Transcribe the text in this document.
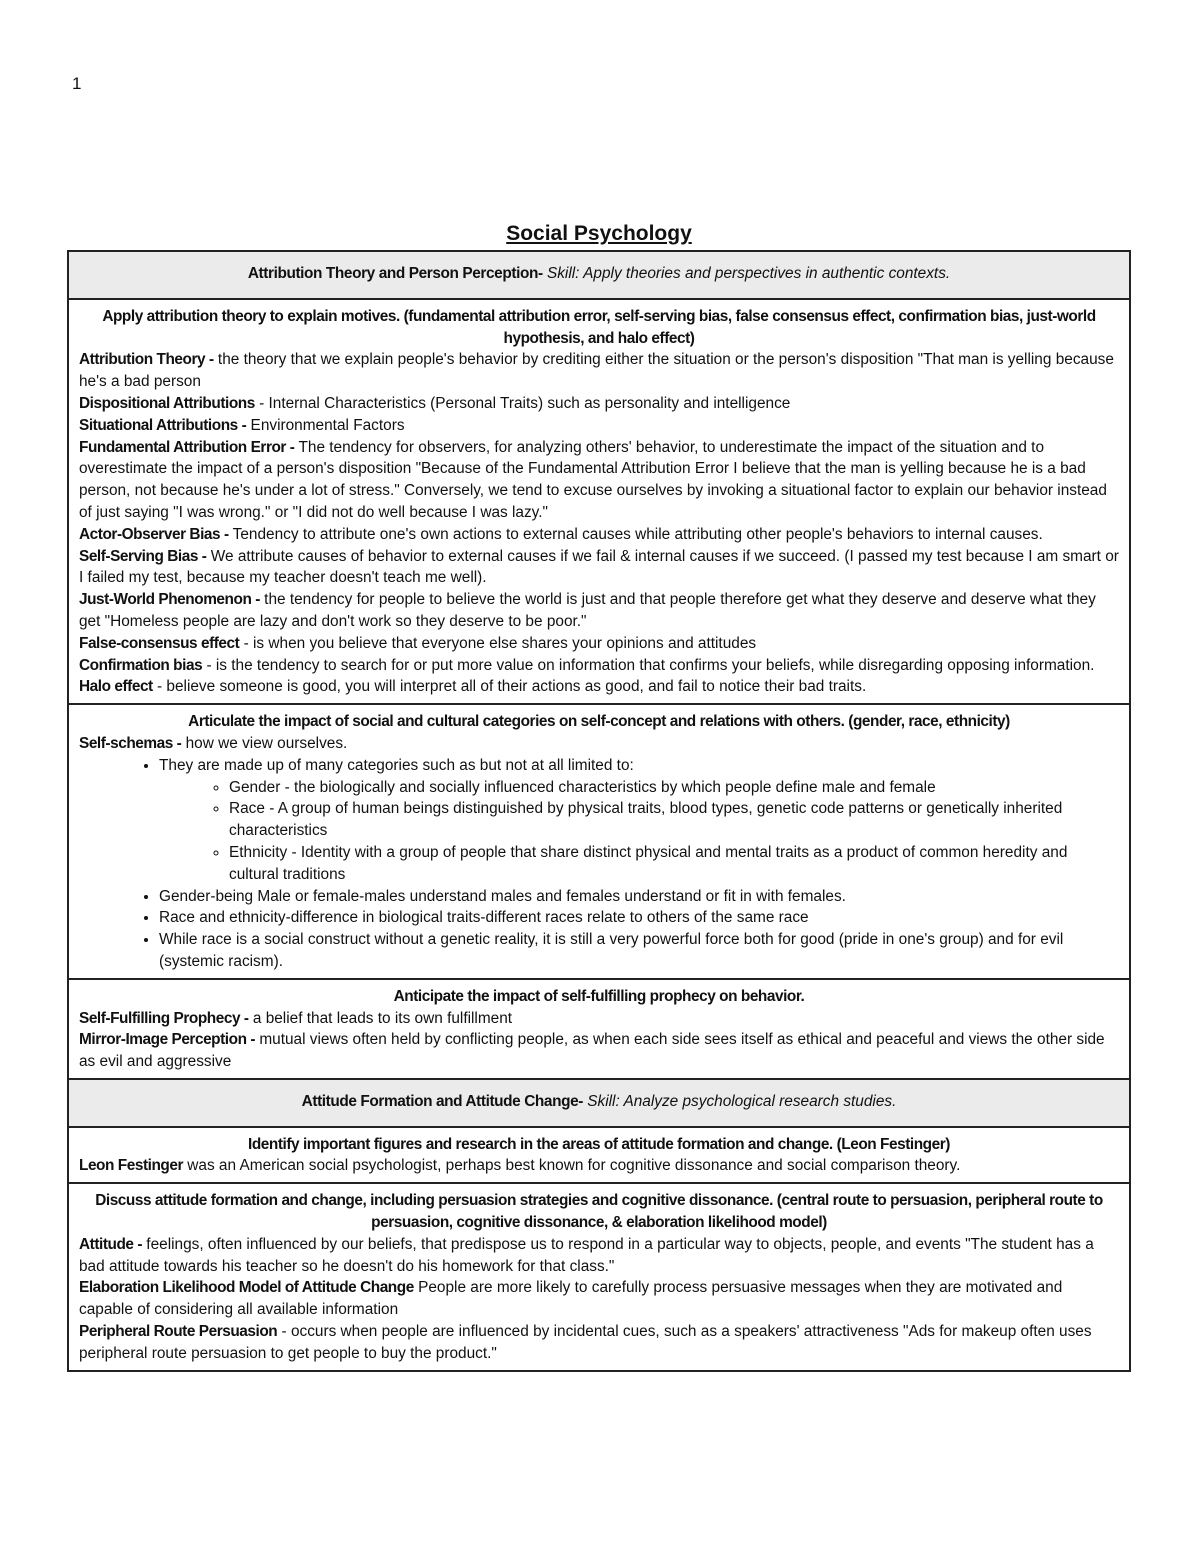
1
Social Psychology
Attribution Theory and Person Perception- Skill: Apply theories and perspectives in authentic contexts.
Apply attribution theory to explain motives. (fundamental attribution error, self-serving bias, false consensus effect, confirmation bias, just-world hypothesis, and halo effect)

Attribution Theory - the theory that we explain people's behavior by crediting either the situation or the person's disposition "That man is yelling because he's a bad person

Dispositional Attributions - Internal Characteristics (Personal Traits) such as personality and intelligence

Situational Attributions - Environmental Factors

Fundamental Attribution Error - The tendency for observers, for analyzing others' behavior, to underestimate the impact of the situation and to overestimate the impact of a person's disposition "Because of the Fundamental Attribution Error I believe that the man is yelling because he is a bad person, not because he's under a lot of stress." Conversely, we tend to excuse ourselves by invoking a situational factor to explain our behavior instead of just saying "I was wrong." or "I did not do well because I was lazy."

Actor-Observer Bias - Tendency to attribute one's own actions to external causes while attributing other people's behaviors to internal causes.

Self-Serving Bias - We attribute causes of behavior to external causes if we fail & internal causes if we succeed. (I passed my test because I am smart or I failed my test, because my teacher doesn't teach me well).

Just-World Phenomenon - the tendency for people to believe the world is just and that people therefore get what they deserve and deserve what they get "Homeless people are lazy and don't work so they deserve to be poor."

False-consensus effect - is when you believe that everyone else shares your opinions and attitudes

Confirmation bias - is the tendency to search for or put more value on information that confirms your beliefs, while disregarding opposing information.

Halo effect - believe someone is good, you will interpret all of their actions as good, and fail to notice their bad traits.

Articulate the impact of social and cultural categories on self-concept and relations with others. (gender, race, ethnicity)

Self-schemas - how we view ourselves.

• They are made up of many categories such as but not at all limited to:
◦ Gender - the biologically and socially influenced characteristics by which people define male and female
◦ Race - A group of human beings distinguished by physical traits, blood types, genetic code patterns or genetically inherited characteristics
◦ Ethnicity - Identity with a group of people that share distinct physical and mental traits as a product of common heredity and cultural traditions
• Gender-being Male or female-males understand males and females understand or fit in with females.
• Race and ethnicity-difference in biological traits-different races relate to others of the same race
• While race is a social construct without a genetic reality, it is still a very powerful force both for good (pride in one's group) and for evil (systemic racism).
Anticipate the impact of self-fulfilling prophecy on behavior.

Self-Fulfilling Prophecy - a belief that leads to its own fulfillment

Mirror-Image Perception - mutual views often held by conflicting people, as when each side sees itself as ethical and peaceful and views the other side as evil and aggressive

Attitude Formation and Attitude Change- Skill: Analyze psychological research studies.
Identify important figures and research in the areas of attitude formation and change. (Leon Festinger)

Leon Festinger was an American social psychologist, perhaps best known for cognitive dissonance and social comparison theory.

Discuss attitude formation and change, including persuasion strategies and cognitive dissonance. (central route to persuasion, peripheral route to persuasion, cognitive dissonance, & elaboration likelihood model)

Attitude - feelings, often influenced by our beliefs, that predispose us to respond in a particular way to objects, people, and events "The student has a bad attitude towards his teacher so he doesn't do his homework for that class."

Elaboration Likelihood Model of Attitude Change People are more likely to carefully process persuasive messages when they are motivated and capable of considering all available information

Peripheral Route Persuasion - occurs when people are influenced by incidental cues, such as a speakers' attractiveness "Ads for makeup often uses peripheral route persuasion to get people to buy the product."
